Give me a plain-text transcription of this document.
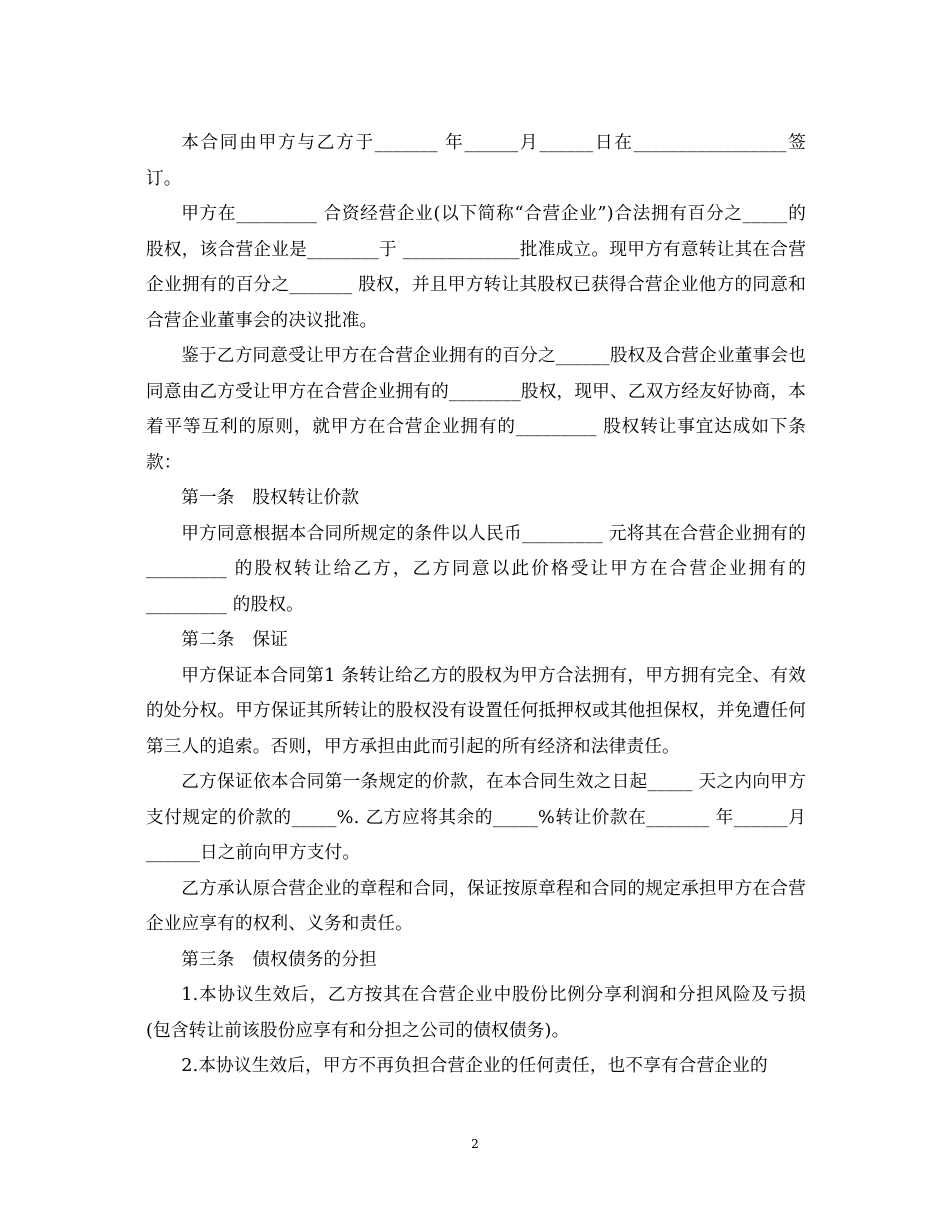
本合同由甲方与乙方于_______ 年______月______日在_________________签订。

甲方在_________ 合资经营企业(以下简称“合营企业”)合法拥有百分之_____的股权，该合营企业是________于 _____________批准成立。现甲方有意转让其在合营企业拥有的百分之_______ 股权，并且甲方转让其股权已获得合营企业他方的同意和合营企业董事会的决议批准。

鉴于乙方同意受让甲方在合营企业拥有的百分之______股权及合营企业董事会也同意由乙方受让甲方在合营企业拥有的________股权，现甲、乙双方经友好协商，本着平等互利的原则，就甲方在合营企业拥有的_________ 股权转让事宜达成如下条款：

第一条　股权转让价款

甲方同意根据本合同所规定的条件以人民币_________ 元将其在合营企业拥有的_________ 的股权转让给乙方，乙方同意以此价格受让甲方在合营企业拥有的_________ 的股权。

第二条　保证

甲方保证本合同第1 条转让给乙方的股权为甲方合法拥有，甲方拥有完全、有效的处分权。甲方保证其所转让的股权没有设置任何抵押权或其他担保权，并免遭任何第三人的追索。否则，甲方承担由此而引起的所有经济和法律责任。

乙方保证依本合同第一条规定的价款，在本合同生效之日起_____ 天之内向甲方支付规定的价款的_____%. 乙方应将其余的_____%转让价款在_______ 年______月______日之前向甲方支付。

乙方承认原合营企业的章程和合同，保证按原章程和合同的规定承担甲方在合营企业应享有的权利、义务和责任。

第三条　债权债务的分担

1.本协议生效后，乙方按其在合营企业中股份比例分享利润和分担风险及亏损(包含转让前该股份应享有和分担之公司的债权债务)。

2.本协议生效后，甲方不再负担合营企业的任何责任，也不享有合营企业的

2
